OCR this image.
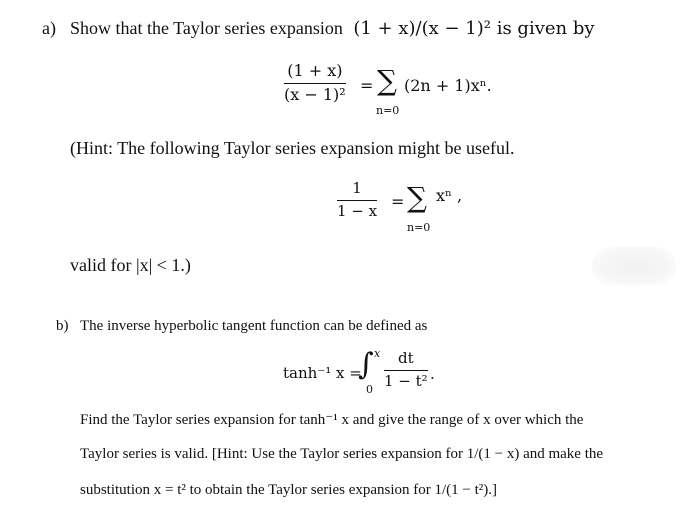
a) Show that the Taylor series expansion (1 + x)/(x − 1)² is given by
(1 + x)
(x − 1)² = ∑
n=0
(2n + 1)xⁿ.
(Hint: The following Taylor series expansion might be useful.
1
1 − x
= ∑
n=0
xⁿ ,
valid for |x| < 1.)
b) The inverse hyperbolic tangent function can be defined as
tanh⁻¹ x =
∫ x
0
dt
1 − t² .
Find the Taylor series expansion for tanh⁻¹ x and give the range of x over which the
Taylor series is valid. [Hint: Use the Taylor series expansion for 1/(1 − x) and make the
substitution x = t² to obtain the Taylor series expansion for 1/(1 − t²).]
